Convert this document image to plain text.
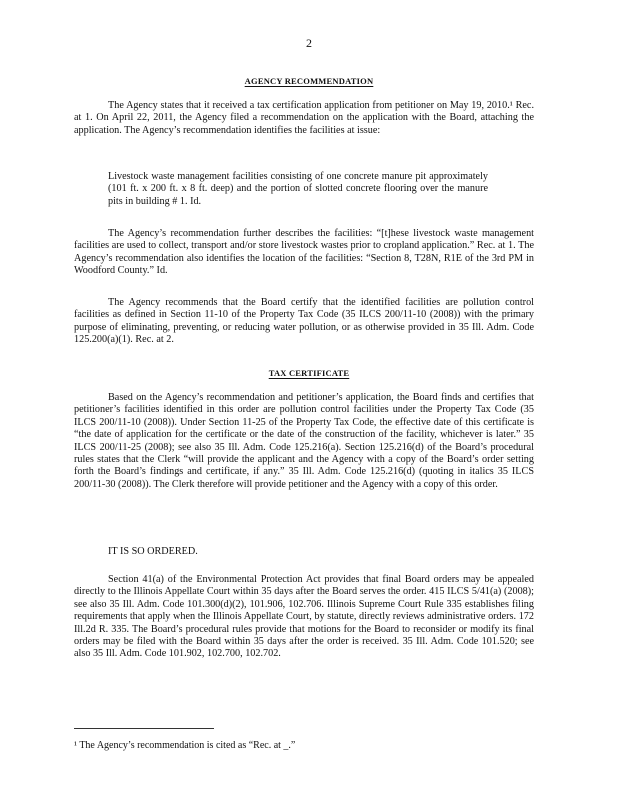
2
AGENCY RECOMMENDATION

The Agency states that it received a tax certification application from petitioner on May 19, 2010.¹ Rec. at 1. On April 22, 2011, the Agency filed a recommendation on the application with the Board, attaching the application. The Agency’s recommendation identifies the facilities at issue:

Livestock waste management facilities consisting of one concrete manure pit approximately (101 ft. x 200 ft. x 8 ft. deep) and the portion of slotted concrete flooring over the manure pits in building # 1. Id.

The Agency’s recommendation further describes the facilities: “[t]hese livestock waste management facilities are used to collect, transport and/or store livestock wastes prior to cropland application.” Rec. at 1. The Agency’s recommendation also identifies the location of the facilities: “Section 8, T28N, R1E of the 3rd PM in Woodford County.” Id.

The Agency recommends that the Board certify that the identified facilities are pollution control facilities as defined in Section 11-10 of the Property Tax Code (35 ILCS 200/11-10 (2008)) with the primary purpose of eliminating, preventing, or reducing water pollution, or as otherwise provided in 35 Ill. Adm. Code 125.200(a)(1). Rec. at 2.

TAX CERTIFICATE

Based on the Agency’s recommendation and petitioner’s application, the Board finds and certifies that petitioner’s facilities identified in this order are pollution control facilities under the Property Tax Code (35 ILCS 200/11-10 (2008)). Under Section 11-25 of the Property Tax Code, the effective date of this certificate is “the date of application for the certificate or the date of the construction of the facility, whichever is later.” 35 ILCS 200/11-25 (2008); see also 35 Ill. Adm. Code 125.216(a). Section 125.216(d) of the Board’s procedural rules states that the Clerk “will provide the applicant and the Agency with a copy of the Board’s order setting forth the Board’s findings and certificate, if any.” 35 Ill. Adm. Code 125.216(d) (quoting in italics 35 ILCS 200/11-30 (2008)). The Clerk therefore will provide petitioner and the Agency with a copy of this order.

IT IS SO ORDERED.

Section 41(a) of the Environmental Protection Act provides that final Board orders may be appealed directly to the Illinois Appellate Court within 35 days after the Board serves the order. 415 ILCS 5/41(a) (2008); see also 35 Ill. Adm. Code 101.300(d)(2), 101.906, 102.706. Illinois Supreme Court Rule 335 establishes filing requirements that apply when the Illinois Appellate Court, by statute, directly reviews administrative orders. 172 Ill.2d R. 335. The Board’s procedural rules provide that motions for the Board to reconsider or modify its final orders may be filed with the Board within 35 days after the order is received. 35 Ill. Adm. Code 101.520; see also 35 Ill. Adm. Code 101.902, 102.700, 102.702.

¹ The Agency’s recommendation is cited as “Rec. at _.”
